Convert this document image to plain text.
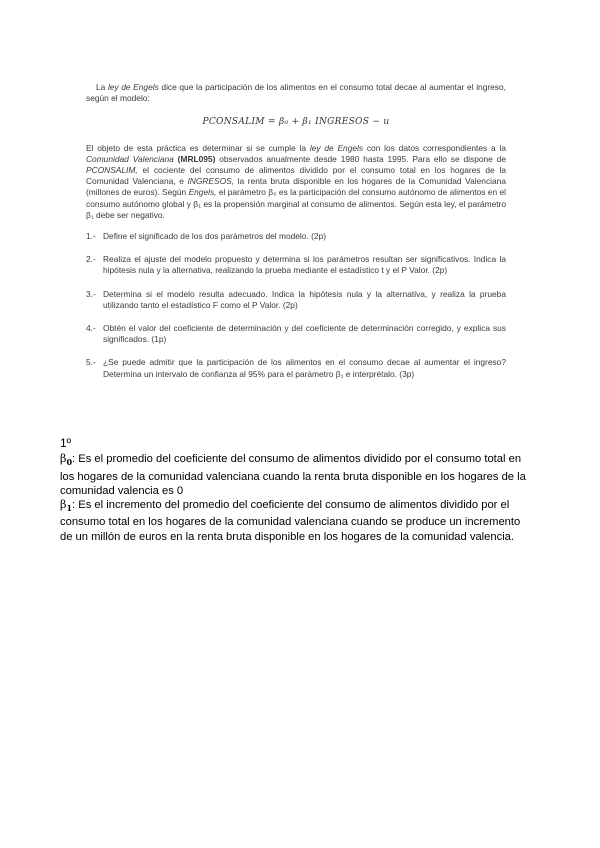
La ley de Engels dice que la participación de los alimentos en el consumo total decae al aumentar el ingreso, según el modelo:

PCONSALIM = β₀ + β₁ INGRESOS − u

El objeto de esta práctica es determinar si se cumple la ley de Engels con los datos correspondientes a la Comunidad Valenciana (MRL095) observados anualmente desde 1980 hasta 1995. Para ello se dispone de PCONSALIM, el cociente del consumo de alimentos dividido por el consumo total en los hogares de la Comunidad Valenciana, e INGRESOS, la renta bruta disponible en los hogares de la Comunidad Valenciana (millones de euros). Según Engels, el parámetro β₀ es la participación del consumo autónomo de alimentos en el consumo autónomo global y β₁ es la propensión marginal al consumo de alimentos. Según esta ley, el parámetro β₁ debe ser negativo.

1.- Define el significado de los dos parámetros del modelo. (2p)
2.- Realiza el ajuste del modelo propuesto y determina si los parámetros resultan ser significativos. Indica la hipótesis nula y la alternativa, realizando la prueba mediante el estadístico t y el P Valor. (2p)
3.- Determina si el modelo resulta adecuado. Indica la hipótesis nula y la alternativa, y realiza la prueba utilizando tanto el estadístico F como el P Valor. (2p)
4.- Obtén el valor del coeficiente de determinación y del coeficiente de determinación corregido, y explica sus significados. (1p)
5.- ¿Se puede admitir que la participación de los alimentos en el consumo decae al aumentar el ingreso? Determina un intervalo de confianza al 95% para el parámetro β₁ e interprétalo. (3p)

1º

$\beta_0$: Es el promedio del coeficiente del consumo de alimentos dividido por el consumo total en los hogares de la comunidad valenciana cuando la renta bruta disponible en los hogares de la comunidad valencia es 0

$\beta_1$: Es el incremento del promedio del coeficiente del consumo de alimentos dividido por el consumo total en los hogares de la comunidad valenciana cuando se produce un incremento de un millón de euros en la renta bruta disponible en los hogares de la comunidad valencia.
